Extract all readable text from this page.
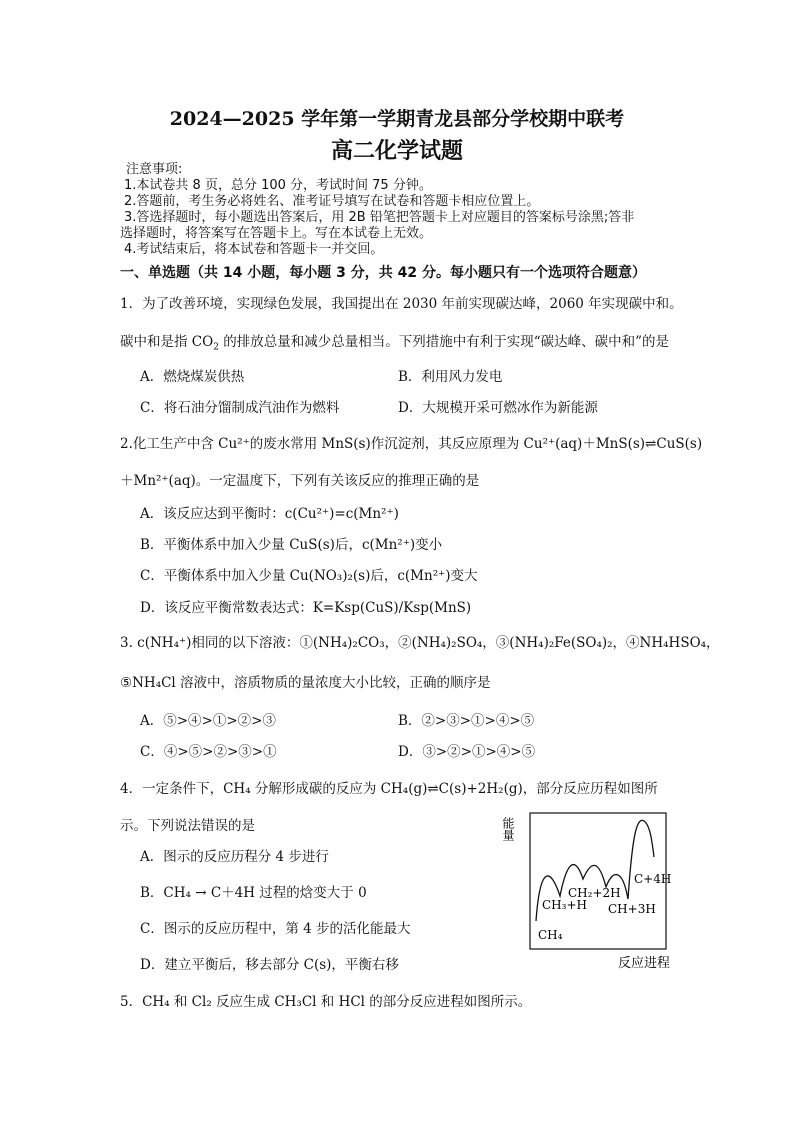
2024—2025 学年第一学期青龙县部分学校期中联考
高二化学试题
注意事项:
1.本试卷共 8 页，总分 100 分，考试时间 75 分钟。
2.答题前，考生务必将姓名、准考证号填写在试卷和答题卡相应位置上。
3.答选择题时，每小题选出答案后，用 2B 铅笔把答题卡上对应题目的答案标号涂黑;答非
选择题时，将答案写在答题卡上。写在本试卷上无效。
4.考试结束后，将本试卷和答题卡一并交回。
一、单选题（共 14 小题，每小题 3 分，共 42 分。每小题只有一个选项符合题意）
1．为了改善环境，实现绿色发展，我国提出在 2030 年前实现碳达峰，2060 年实现碳中和。
碳中和是指 $CO_2$ 的排放总量和减少总量相当。下列措施中有利于实现“碳达峰、碳中和”的是
A．燃烧煤炭供热	B．利用风力发电
C．将石油分馏制成汽油作为燃料	D．大规模开采可燃冰作为新能源
2.化工生产中含 Cu²⁺的废水常用 MnS(s)作沉淀剂，其反应原理为 Cu²⁺(aq)＋MnS(s)⇌CuS(s)
＋Mn²⁺(aq)。一定温度下，下列有关该反应的推理正确的是
A．该反应达到平衡时：c(Cu²⁺)=c(Mn²⁺)
B．平衡体系中加入少量 CuS(s)后，c(Mn²⁺)变小
C．平衡体系中加入少量 Cu(NO₃)₂(s)后，c(Mn²⁺)变大
D．该反应平衡常数表达式：K=Ksp(CuS)/Ksp(MnS)
3. c(NH₄⁺)相同的以下溶液：①(NH₄)₂CO₃，②(NH₄)₂SO₄，③(NH₄)₂Fe(SO₄)₂，④NH₄HSO₄，
⑤NH₄Cl 溶液中，溶质物质的量浓度大小比较，正确的顺序是
A．⑤>④>①>②>③	B．②>③>①>④>⑤
C．④>⑤>②>③>①	D．③>②>①>④>⑤
4．一定条件下，CH₄ 分解形成碳的反应为 CH₄(g)⇌C(s)+2H₂(g)，部分反应历程如图所
示。下列说法错误的是
A．图示的反应历程分 4 步进行
B．CH₄ → C＋4H 过程的焓变大于 0
C．图示的反应历程中，第 4 步的活化能最大
D．建立平衡后，移去部分 C(s)，平衡右移
能量
CH₄
CH₃+H
CH₂+2H
CH+3H
C+4H
反应进程
5．CH₄ 和 Cl₂ 反应生成 CH₃Cl 和 HCl 的部分反应进程如图所示。
